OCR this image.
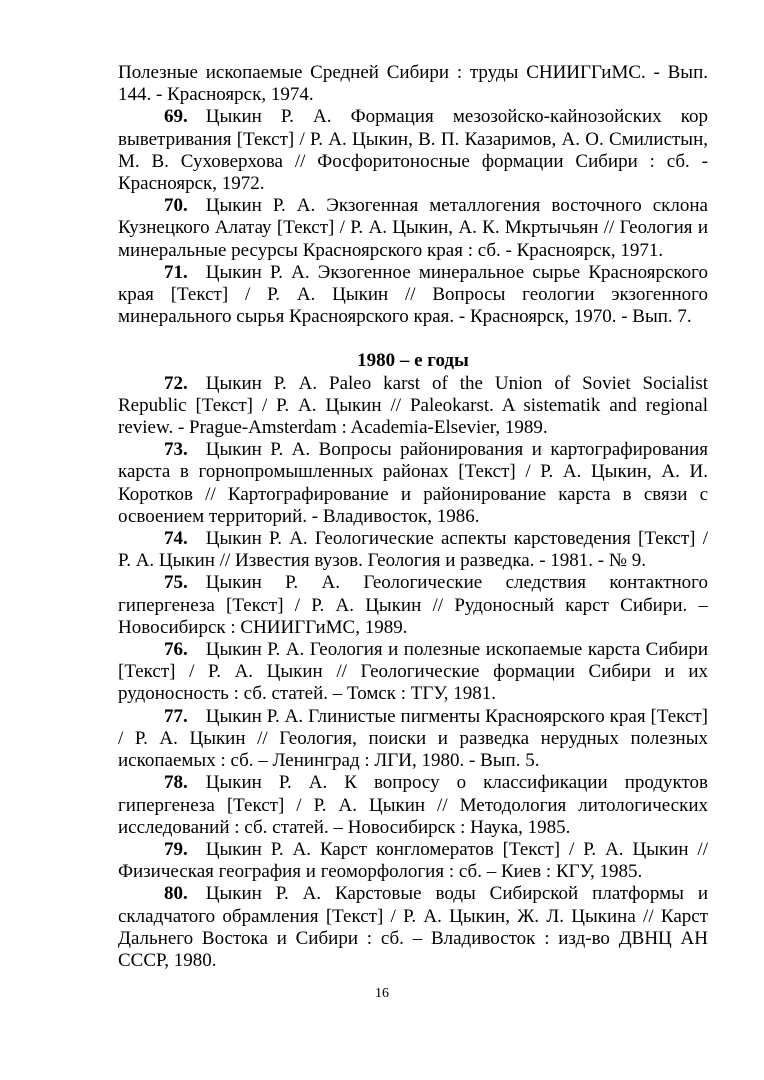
Полезные ископаемые Средней Сибири : труды СНИИГГиМС. - Вып. 144. - Красноярск, 1974.

69. Цыкин Р. А. Формация мезозойско-кайнозойских кор выветривания [Текст] / Р. А. Цыкин, В. П. Казаримов, А. О. Смилистын, М. В. Суховерхова // Фосфоритоносные формации Сибири : сб. - Красноярск, 1972.

70. Цыкин Р. А. Экзогенная металлогения восточного склона Кузнецкого Алатау [Текст] / Р. А. Цыкин, А. К. Мкртычьян // Геология и минеральные ресурсы Красноярского края : сб. - Красноярск, 1971.

71. Цыкин Р. А. Экзогенное минеральное сырье Красноярского края [Текст] / Р. А. Цыкин // Вопросы геологии экзогенного минерального сырья Красноярского края. - Красноярск, 1970. - Вып. 7.

1980 – е годы

72. Цыкин Р. А. Paleo karst of the Union of Soviet Socialist Republic [Текст] / Р. А. Цыкин // Paleokarst. A sistematik and regional review. - Prague-Amsterdam : Academia-Elsevier, 1989.

73. Цыкин Р. А. Вопросы районирования и картографирования карста в горнопромышленных районах [Текст] / Р. А. Цыкин, А. И. Коротков // Картографирование и районирование карста в связи с освоением территорий. - Владивосток, 1986.

74. Цыкин Р. А. Геологические аспекты карстоведения [Текст] / Р. А. Цыкин // Известия вузов. Геология и разведка. - 1981. - № 9.

75. Цыкин Р. А. Геологические следствия контактного гипергенеза [Текст] / Р. А. Цыкин // Рудоносный карст Сибири. – Новосибирск : СНИИГГиМС, 1989.

76. Цыкин Р. А. Геология и полезные ископаемые карста Сибири [Текст] / Р. А. Цыкин // Геологические формации Сибири и их рудоносность : сб. статей. – Томск : ТГУ, 1981.

77. Цыкин Р. А. Глинистые пигменты Красноярского края [Текст] / Р. А. Цыкин // Геология, поиски и разведка нерудных полезных ископаемых : сб. – Ленинград : ЛГИ, 1980. - Вып. 5.

78. Цыкин Р. А. К вопросу о классификации продуктов гипергенеза [Текст] / Р. А. Цыкин // Методология литологических исследований : сб. статей. – Новосибирск : Наука, 1985.

79. Цыкин Р. А. Карст конгломератов [Текст] / Р. А. Цыкин // Физическая география и геоморфология : сб. – Киев : КГУ, 1985.

80. Цыкин Р. А. Карстовые воды Сибирской платформы и складчатого обрамления [Текст] / Р. А. Цыкин, Ж. Л. Цыкина // Карст Дальнего Востока и Сибири : сб. – Владивосток : изд-во ДВНЦ АН СССР, 1980.

16
